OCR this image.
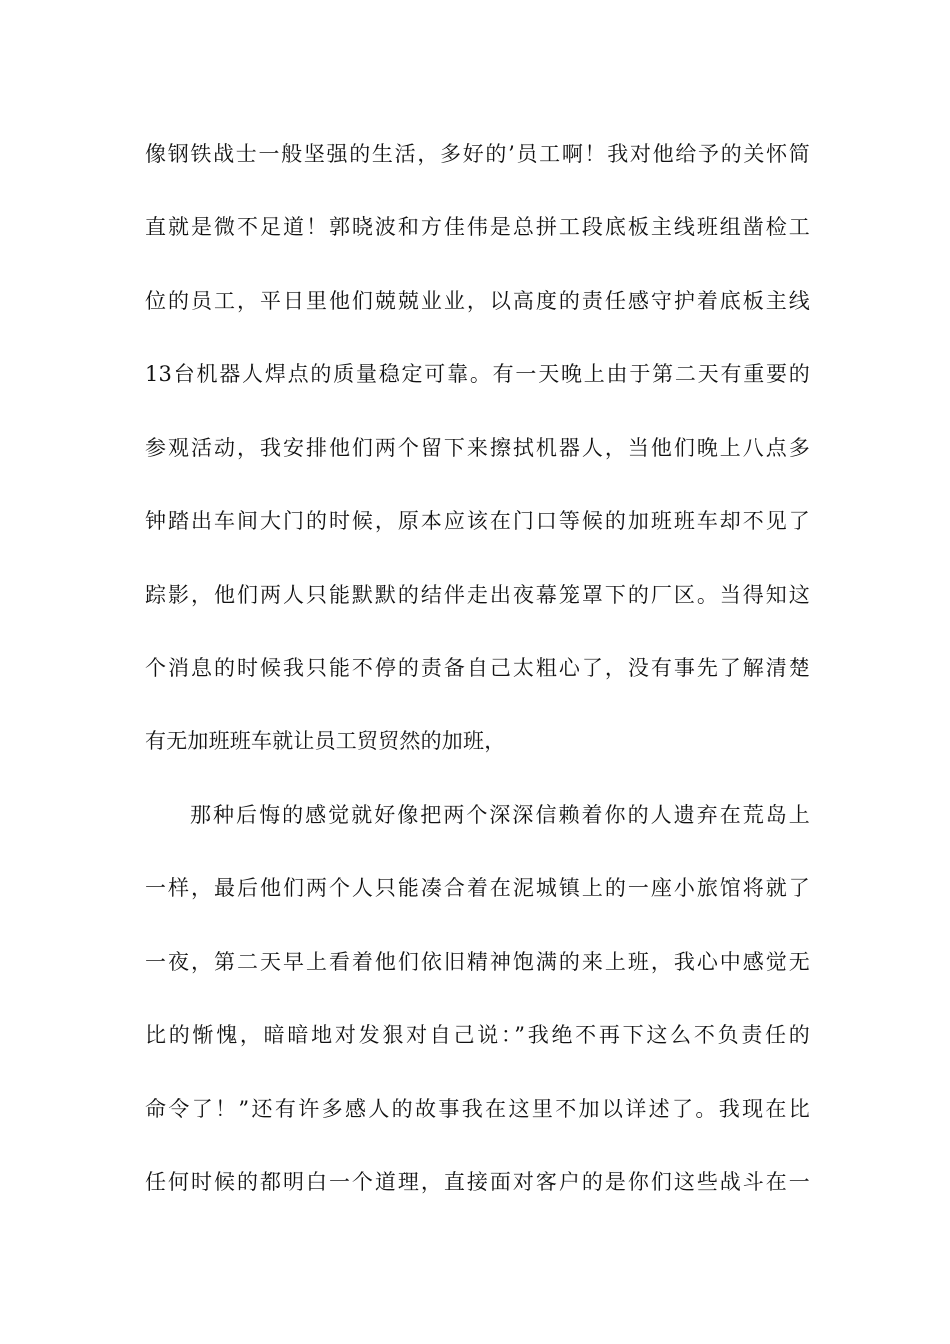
像钢铁战士一般坚强的生活，多好的’员工啊！我对他给予的关怀简
直就是微不足道！郭晓波和方佳伟是总拼工段底板主线班组凿检工
位的员工，平日里他们兢兢业业，以高度的责任感守护着底板主线
13台机器人焊点的质量稳定可靠。有一天晚上由于第二天有重要的
参观活动，我安排他们两个留下来擦拭机器人，当他们晚上八点多
钟踏出车间大门的时候，原本应该在门口等候的加班班车却不见了
踪影，他们两人只能默默的结伴走出夜幕笼罩下的厂区。当得知这
个消息的时候我只能不停的责备自己太粗心了，没有事先了解清楚
有无加班班车就让员工贸贸然的加班，
那种后悔的感觉就好像把两个深深信赖着你的人遗弃在荒岛上
一样，最后他们两个人只能凑合着在泥城镇上的一座小旅馆将就了
一夜，第二天早上看着他们依旧精神饱满的来上班，我心中感觉无
比的惭愧，暗暗地对发狠对自己说：”我绝不再下这么不负责任的
命令了！”还有许多感人的故事我在这里不加以详述了。我现在比
任何时候的都明白一个道理，直接面对客户的是你们这些战斗在一
